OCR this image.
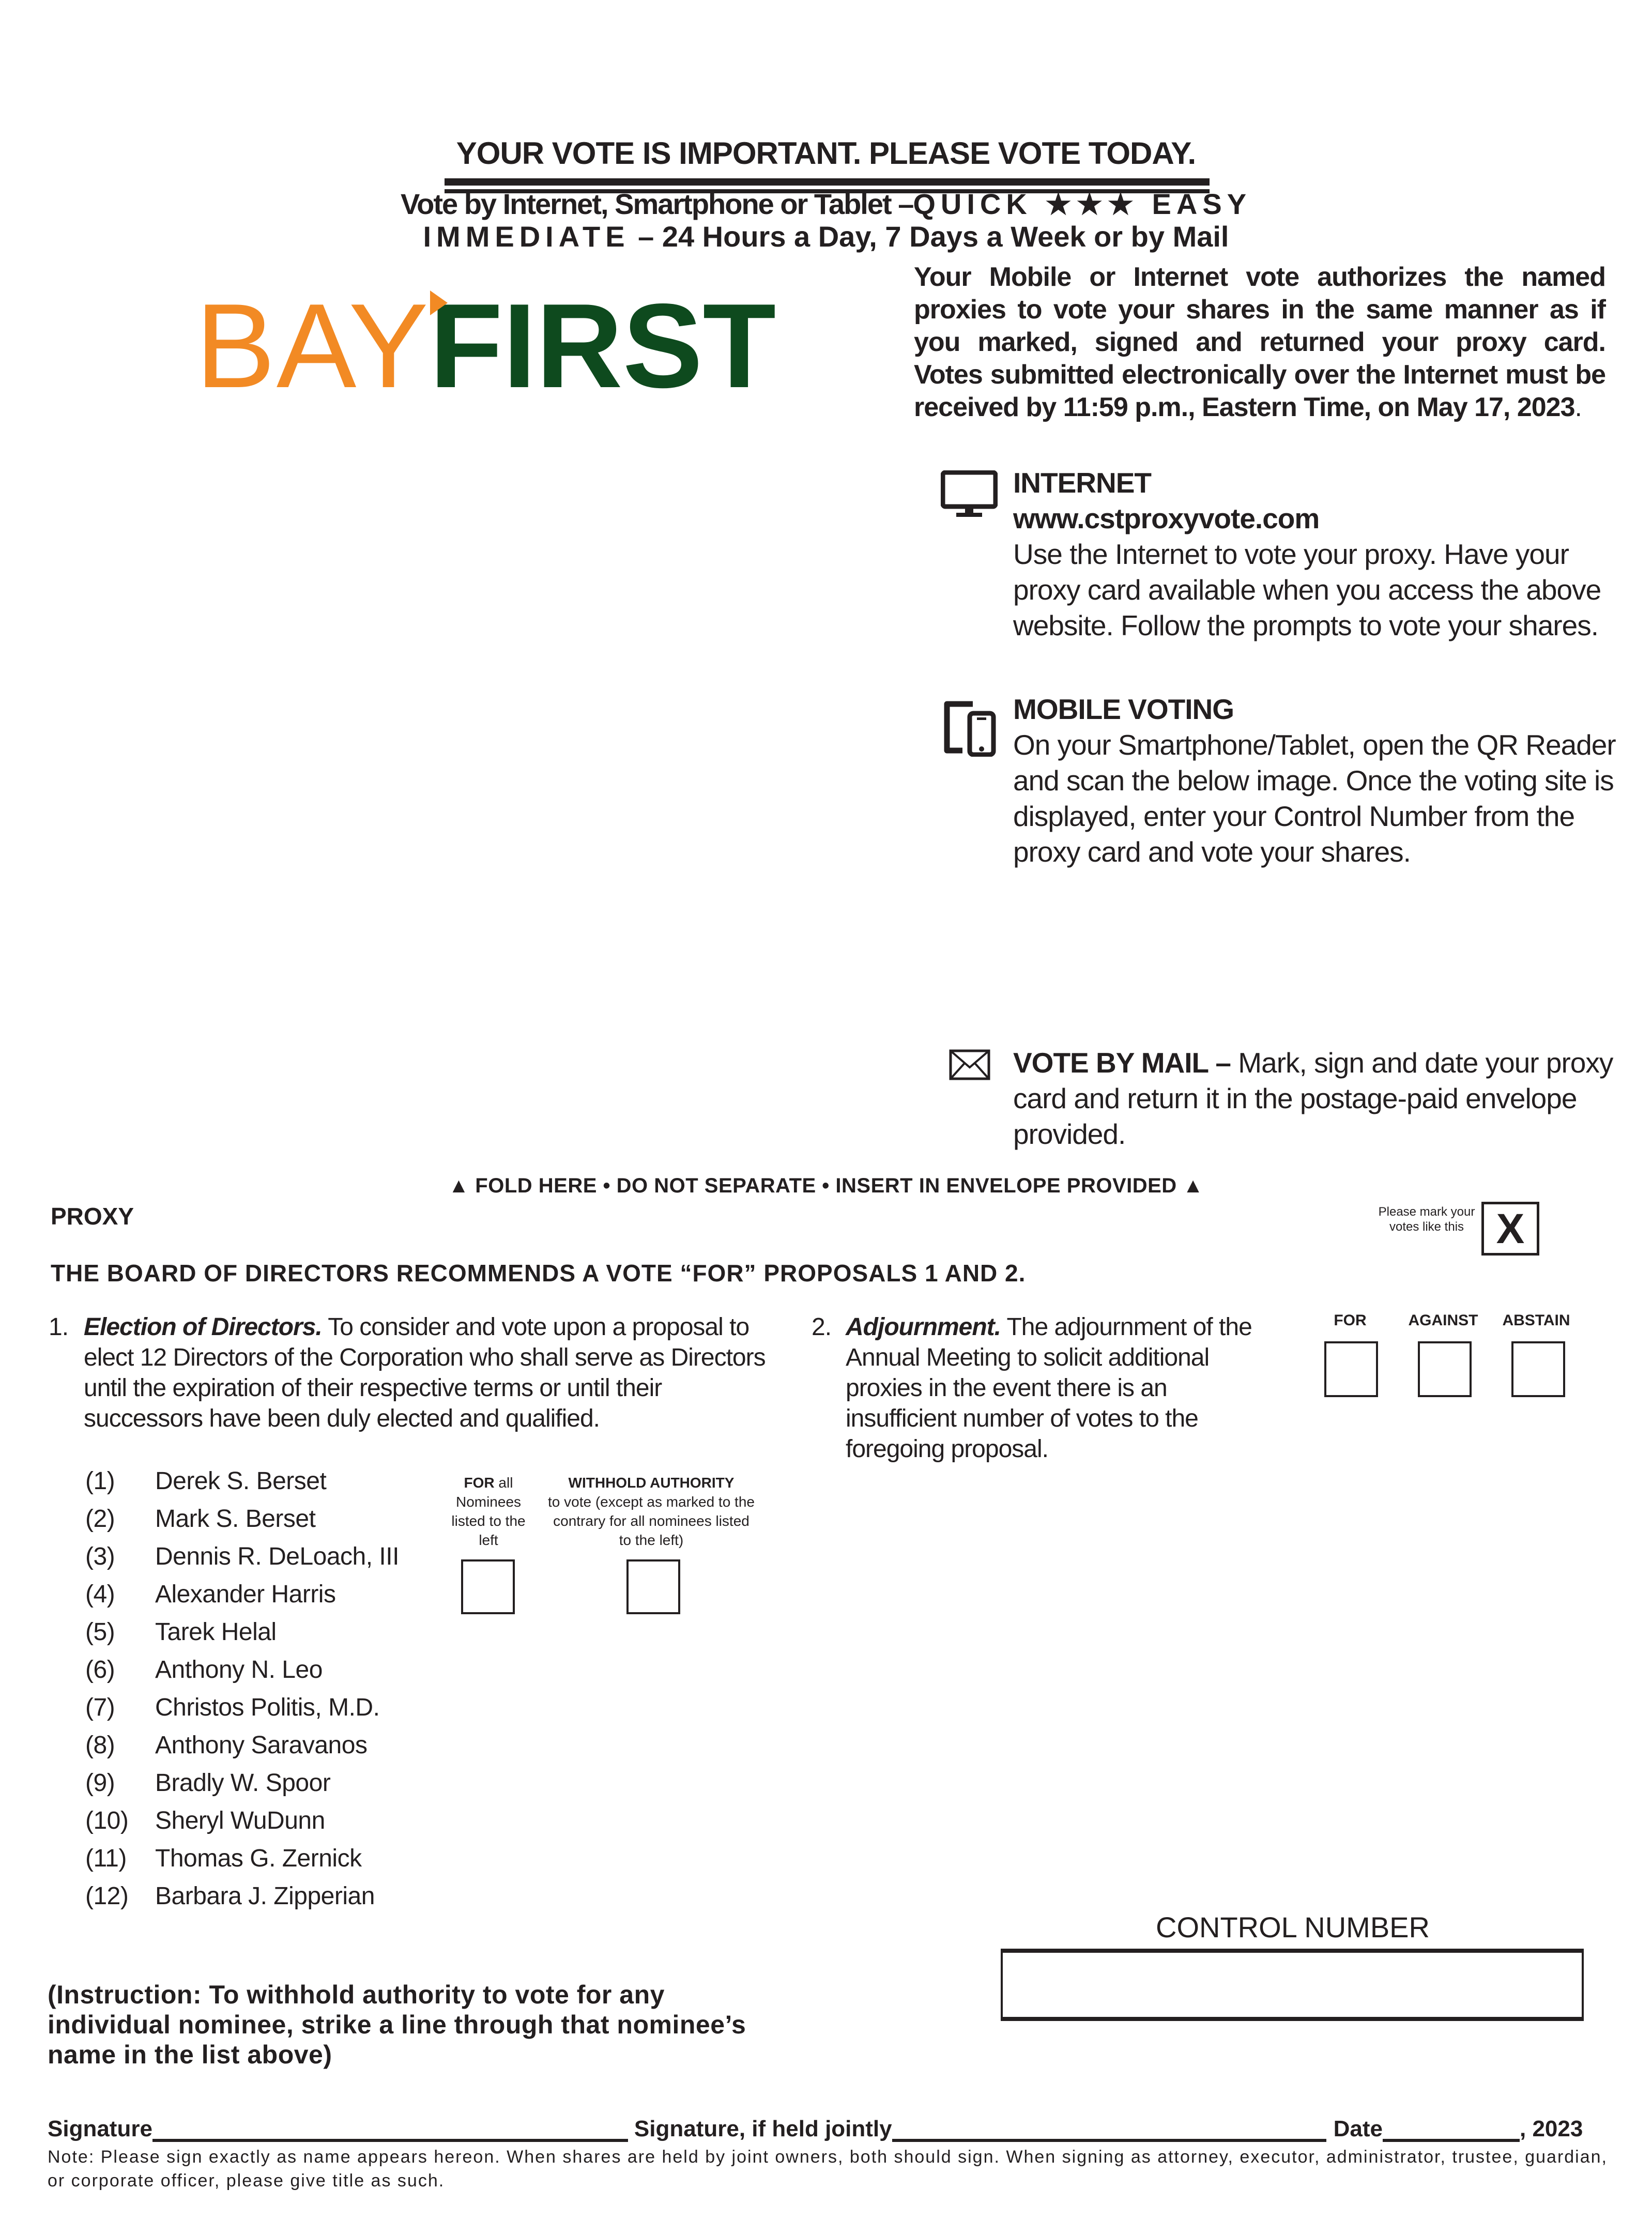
YOUR VOTE IS IMPORTANT. PLEASE VOTE TODAY.
Vote by Internet, Smartphone or Tablet –QUICK ★★★ EASY
IMMEDIATE – 24 Hours a Day, 7 Days a Week or by Mail
BAYFIRST
Your Mobile or Internet vote authorizes the named proxies to vote your shares in the same manner as if you marked, signed and returned your proxy card. Votes submitted electronically over the Internet must be received by 11:59 p.m., Eastern Time, on May 17, 2023.
INTERNET
www.cstproxyvote.com
Use the Internet to vote your proxy. Have your proxy card available when you access the above website. Follow the prompts to vote your shares.
MOBILE VOTING
On your Smartphone/Tablet, open the QR Reader and scan the below image. Once the voting site is displayed, enter your Control Number from the proxy card and vote your shares.
VOTE BY MAIL – Mark, sign and date your proxy card and return it in the postage-paid envelope provided.
▲ FOLD HERE • DO NOT SEPARATE • INSERT IN ENVELOPE PROVIDED ▲
PROXY	Please mark your votes like this X
THE BOARD OF DIRECTORS RECOMMENDS A VOTE “FOR” PROPOSALS 1 AND 2.
1. Election of Directors. To consider and vote upon a proposal to elect 12 Directors of the Corporation who shall serve as Directors until the expiration of their respective terms or until their successors have been duly elected and qualified.
(1) Derek S. Berset
(2) Mark S. Berset
(3) Dennis R. DeLoach, III
(4) Alexander Harris
(5) Tarek Helal
(6) Anthony N. Leo
(7) Christos Politis, M.D.
(8) Anthony Saravanos
(9) Bradly W. Spoor
(10) Sheryl WuDunn
(11) Thomas G. Zernick
(12) Barbara J. Zipperian
FOR all Nominees listed to the left
WITHHOLD AUTHORITY
to vote (except as marked to the contrary for all nominees listed to the left)
2. Adjournment. The adjournment of the Annual Meeting to solicit additional proxies in the event there is an insufficient number of votes to the foregoing proposal.
FOR	AGAINST	ABSTAIN
(Instruction: To withhold authority to vote for any individual nominee, strike a line through that nominee’s name in the list above)
CONTROL NUMBER
Signature	Signature, if held jointly	Date	, 2023
Note: Please sign exactly as name appears hereon. When shares are held by joint owners, both should sign. When signing as attorney, executor, administrator, trustee, guardian, or corporate officer, please give title as such.
